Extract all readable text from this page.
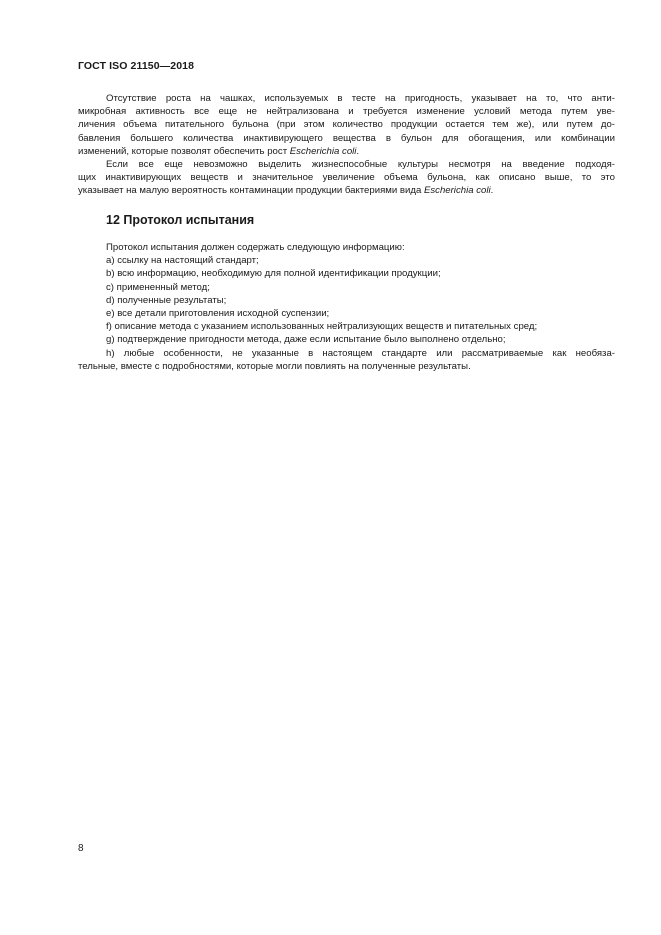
ГОСТ ISO 21150—2018
Отсутствие роста на чашках, используемых в тесте на пригодность, указывает на то, что анти-
микробная активность все еще не нейтрализована и требуется изменение условий метода путем уве-
личения объема питательного бульона (при этом количество продукции остается тем же), или путем до-
бавления большего количества инактивирующего вещества в бульон для обогащения, или комбинации
изменений, которые позволят обеспечить рост Escherichia coli.
Если все еще невозможно выделить жизнеспособные культуры несмотря на введение подходя-
щих инактивирующих веществ и значительное увеличение объема бульона, как описано выше, то это
указывает на малую вероятность контаминации продукции бактериями вида Escherichia coli.
12 Протокол испытания
Протокол испытания должен содержать следующую информацию:
a) ссылку на настоящий стандарт;
b) всю информацию, необходимую для полной идентификации продукции;
c) примененный метод;
d) полученные результаты;
e) все детали приготовления исходной суспензии;
f) описание метода с указанием использованных нейтрализующих веществ и питательных сред;
g) подтверждение пригодности метода, даже если испытание было выполнено отдельно;
h) любые особенности, не указанные в настоящем стандарте или рассматриваемые как необяза-
тельные, вместе с подробностями, которые могли повлиять на полученные результаты.
8
